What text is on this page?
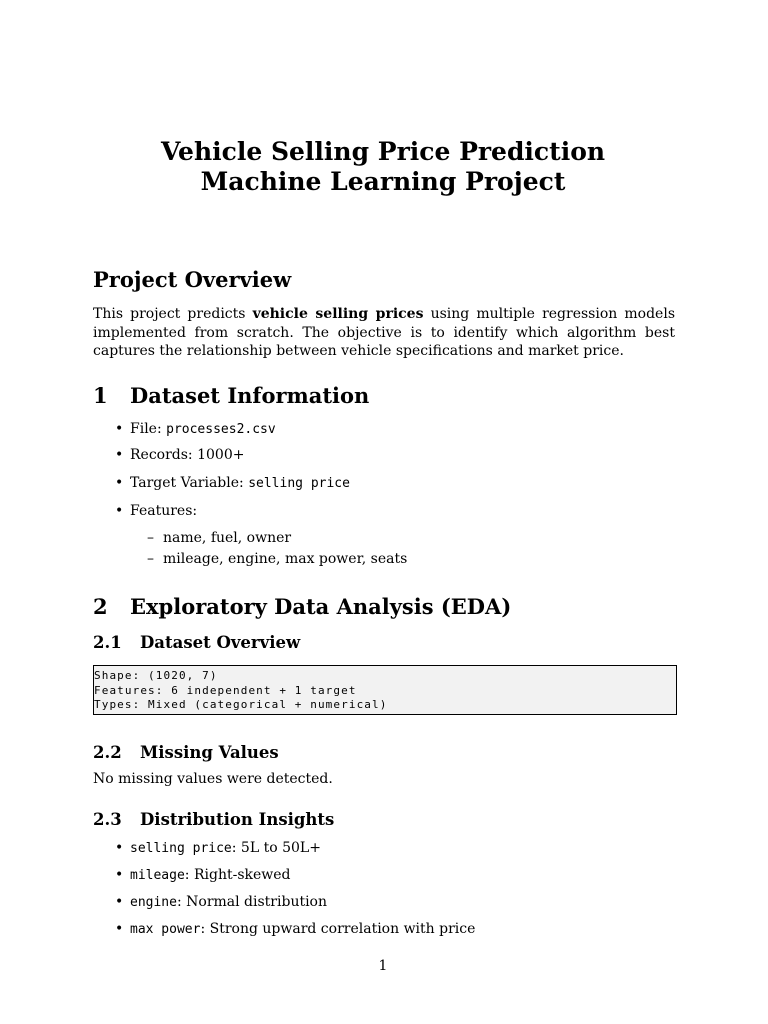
Vehicle Selling Price Prediction
Machine Learning Project
Project Overview
This project predicts vehicle selling prices using multiple regression models implemented from scratch. The objective is to identify which algorithm best captures the relationship between vehicle specifications and market price.
1 Dataset Information
• File: processes2.csv
• Records: 1000+
• Target Variable: selling price
• Features:
– name, fuel, owner
– mileage, engine, max power, seats
2 Exploratory Data Analysis (EDA)
2.1 Dataset Overview
Shape: (1020, 7)
Features: 6 independent + 1 target
Types: Mixed (categorical + numerical)
2.2 Missing Values
No missing values were detected.
2.3 Distribution Insights
• selling price: 5L to 50L+
• mileage: Right-skewed
• engine: Normal distribution
• max power: Strong upward correlation with price
1
